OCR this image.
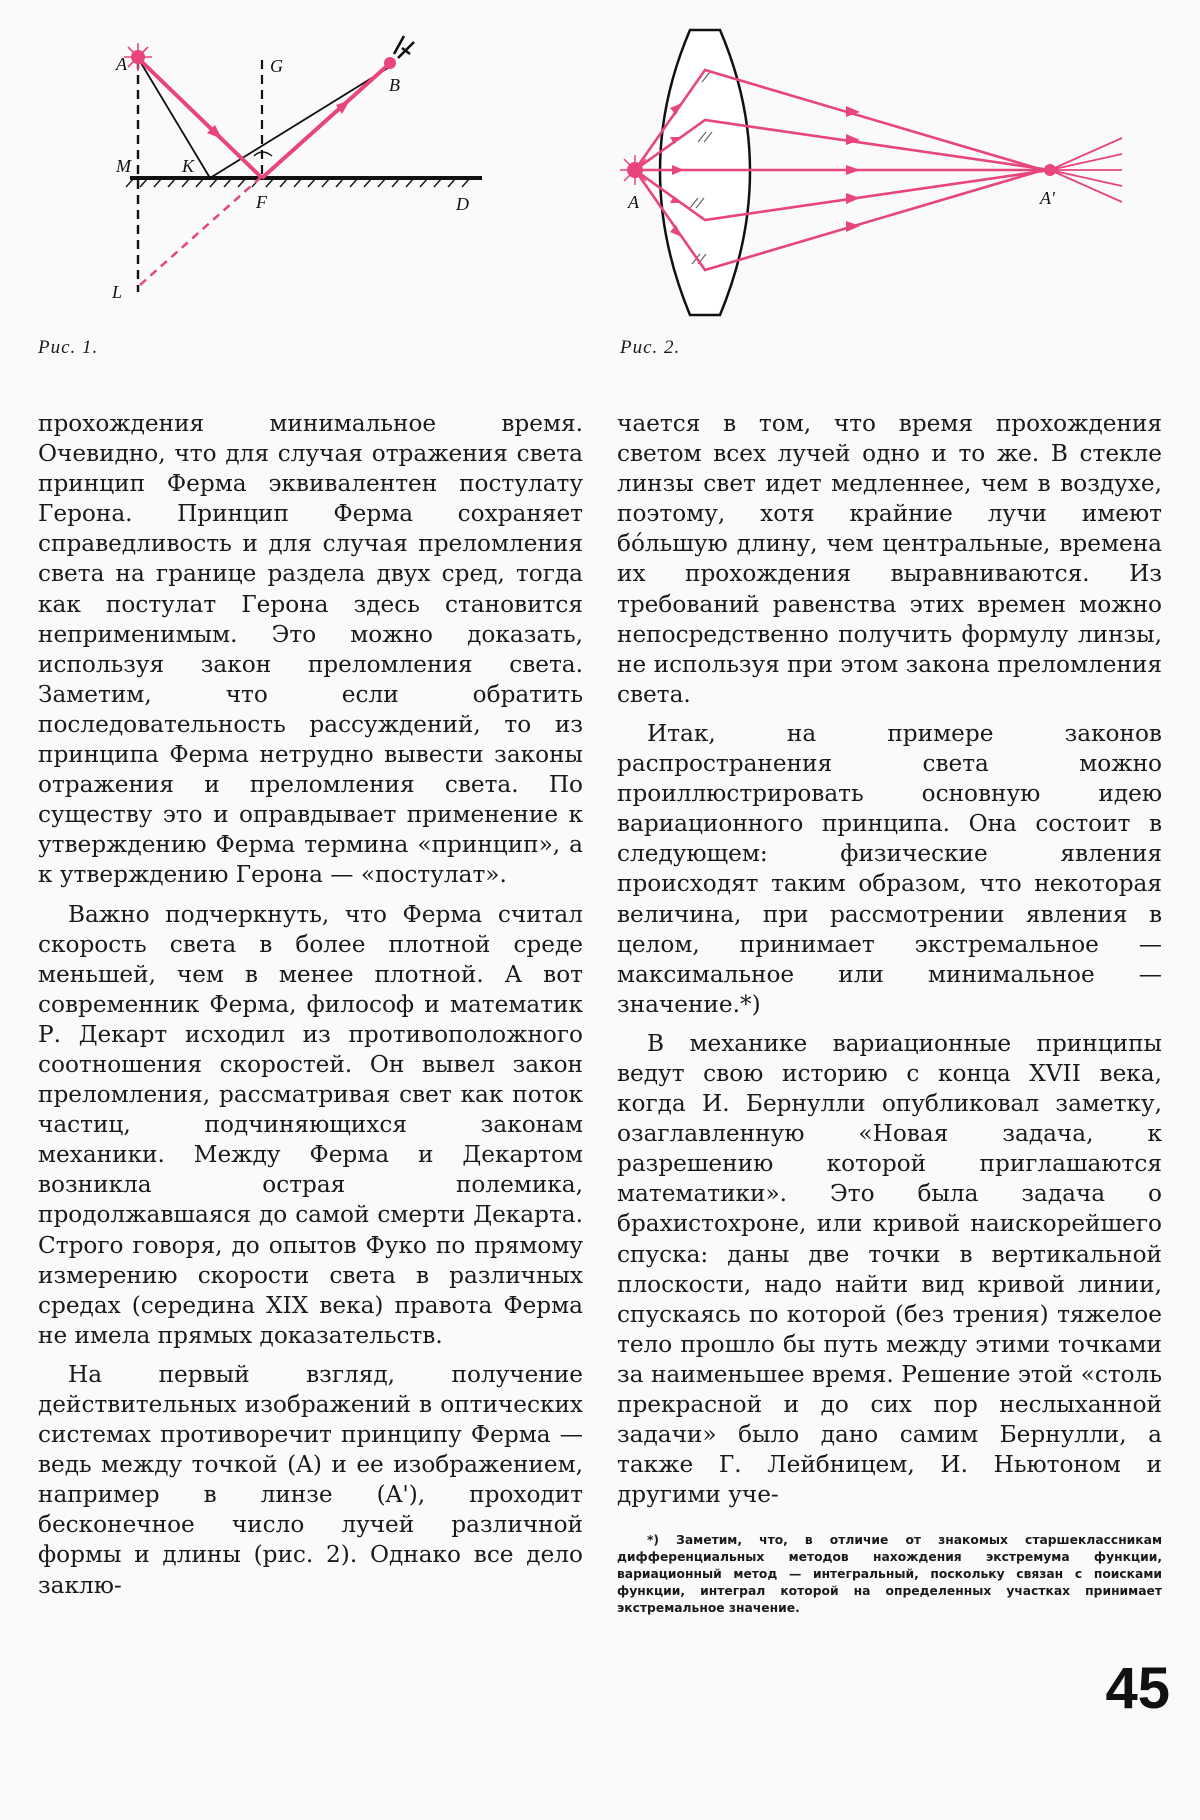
A
B
G
M	K
F	D
L
Рис. 1.
A	A'
Рис. 2.

прохождения минимальное время. Очевидно, что для случая отражения света принцип Ферма эквивалентен постулату Герона. Принцип Ферма сохраняет справедливость и для случая преломления света на границе раздела двух сред, тогда как постулат Герона здесь становится неприменимым. Это можно доказать, используя закон преломления света. Заметим, что если обратить последовательность рассуждений, то из принципа Ферма нетрудно вывести законы отражения и преломления света. По существу это и оправдывает применение к утверждению Ферма термина «принцип», а к утверждению Герона — «постулат».

Важно подчеркнуть, что Ферма считал скорость света в более плотной среде меньшей, чем в менее плотной. А вот современник Ферма, философ и математик Р. Декарт исходил из противоположного соотношения скоростей. Он вывел закон преломления, рассматривая свет как поток частиц, подчиняющихся законам механики. Между Ферма и Декартом возникла острая полемика, продолжавшаяся до самой смерти Декарта. Строго говоря, до опытов Фуко по прямому измерению скорости света в различных средах (середина XIX века) правота Ферма не имела прямых доказательств.

На первый взгляд, получение действительных изображений в оптических системах противоречит принципу Ферма — ведь между точкой (A) и ее изображением, например в линзе (A'), проходит бесконечное число лучей различной формы и длины (рис. 2). Однако все дело заклю-

чается в том, что время прохождения светом всех лучей одно и то же. В стекле линзы свет идет медленнее, чем в воздухе, поэтому, хотя крайние лучи имеют бóльшую длину, чем центральные, времена их прохождения выравниваются. Из требований равенства этих времен можно непосредственно получить формулу линзы, не используя при этом закона преломления света.

Итак, на примере законов распространения света можно проиллюстрировать основную идею вариационного принципа. Она состоит в следующем: физические явления происходят таким образом, что некоторая величина, при рассмотрении явления в целом, принимает экстремальное — максимальное или минимальное — значение.*)

В механике вариационные принципы ведут свою историю с конца XVII века, когда И. Бернулли опубликовал заметку, озаглавленную «Новая задача, к разрешению которой приглашаются математики». Это была задача о брахистохроне, или кривой наискорейшего спуска: даны две точки в вертикальной плоскости, надо найти вид кривой линии, спускаясь по которой (без трения) тяжелое тело прошло бы путь между этими точками за наименьшее время. Решение этой «столь прекрасной и до сих пор неслыханной задачи» было дано самим Бернулли, а также Г. Лейбницем, И. Ньютоном и другими уче-

*) Заметим, что, в отличие от знакомых старшеклассникам дифференциальных методов нахождения экстремума функции, вариационный метод — интегральный, поскольку связан с поисками функции, интеграл которой на определенных участках принимает экстремальное значение.

45
